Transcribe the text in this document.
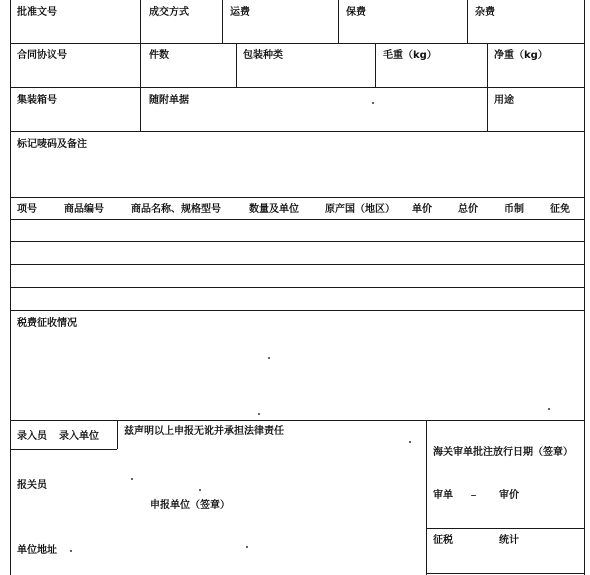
批准文号	成交方式	运费	保费	杂费
合同协议号	件数	包装种类	毛重（kg）	净重（kg）
集装箱号	随附单据	用途
标记唛码及备注
项号	商品编号	商品名称、规格型号	数量及单位	原产国（地区） 单价	总价	币制	征免
税费征收情况
录入员 录入单位	兹声明以上申报无讹并承担法律责任
报关员
申报单位（签章）
单位地址
海关审单批注放行日期（签章）
审单	审价
征税	统计
